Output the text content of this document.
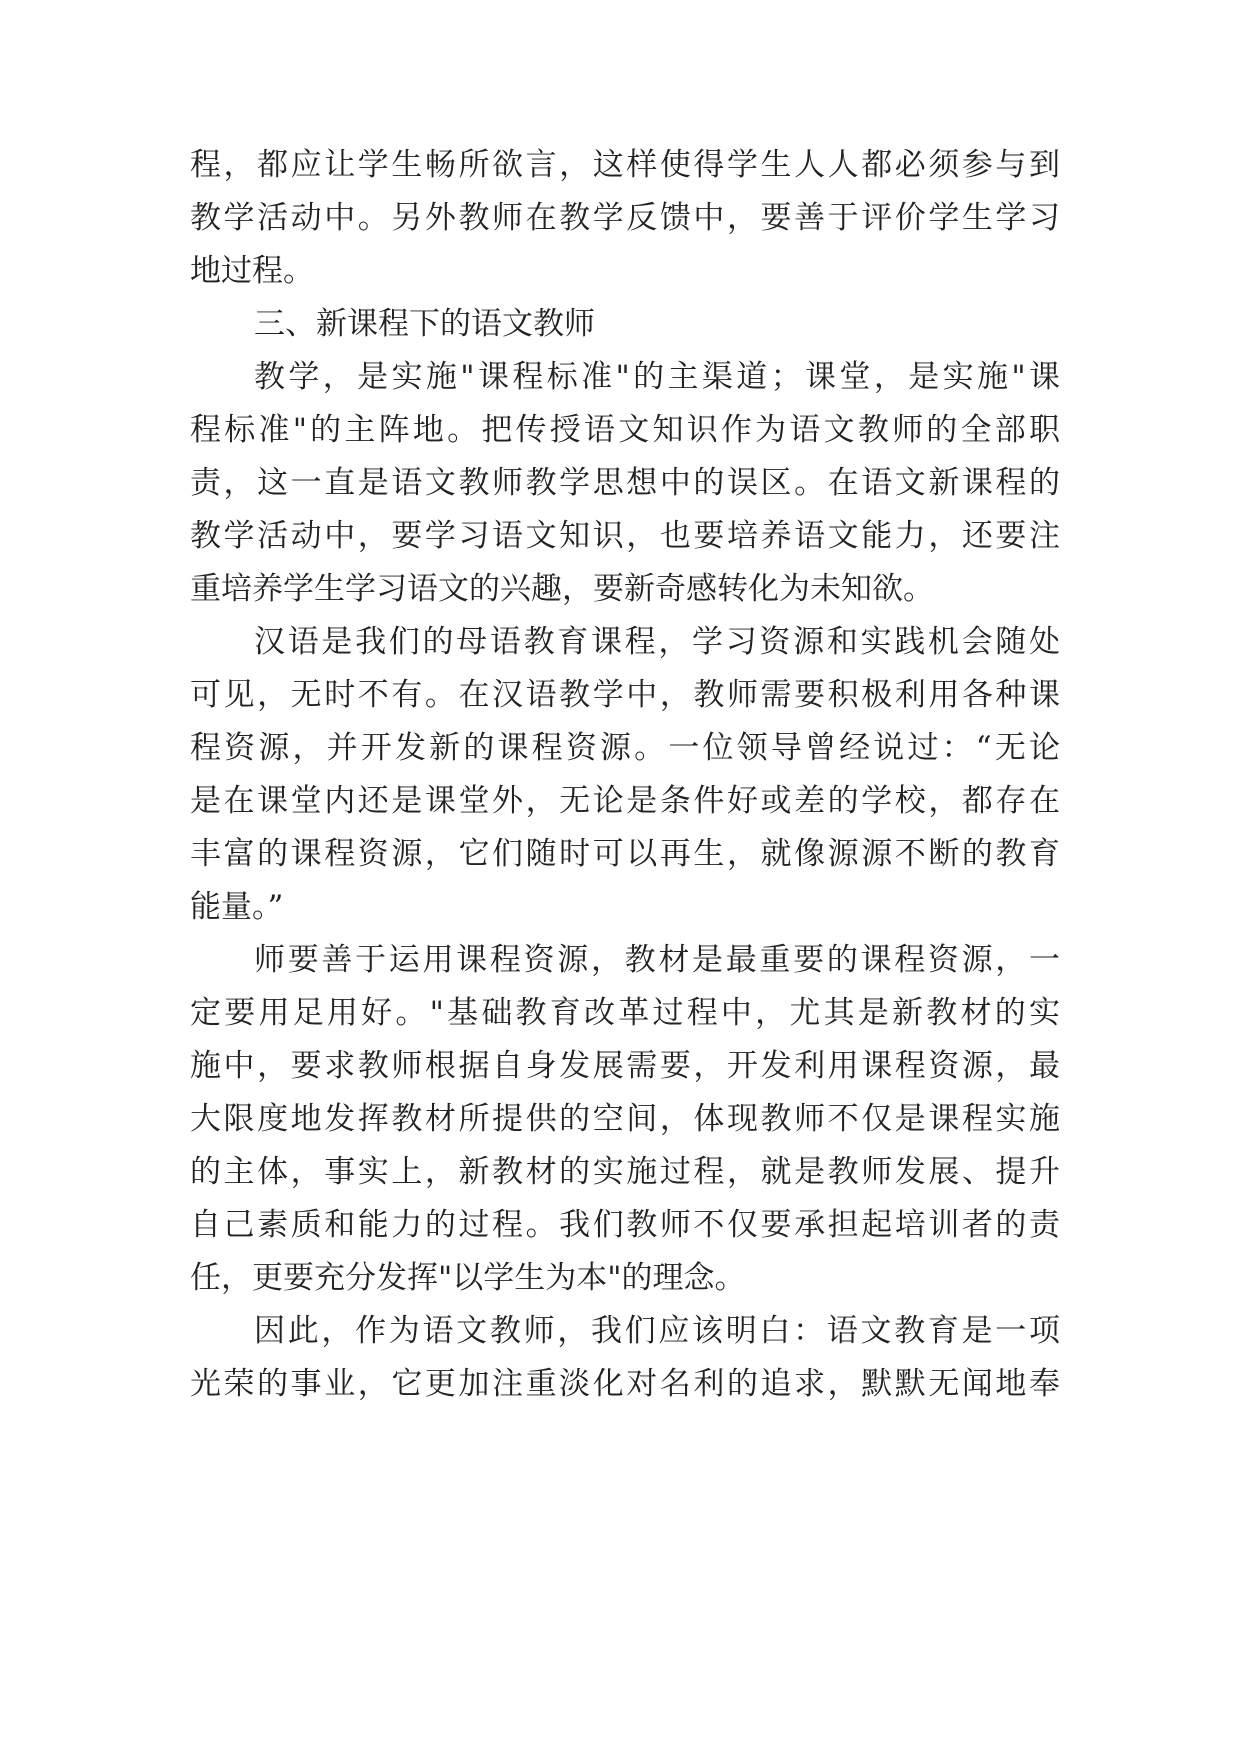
程，都应让学生畅所欲言，这样使得学生人人都必须参与到
教学活动中。另外教师在教学反馈中，要善于评价学生学习
地过程。
三、新课程下的语文教师
教学，是实施"课程标准"的主渠道；课堂，是实施"课
程标准"的主阵地。把传授语文知识作为语文教师的全部职
责，这一直是语文教师教学思想中的误区。在语文新课程的
教学活动中，要学习语文知识，也要培养语文能力，还要注
重培养学生学习语文的兴趣，要新奇感转化为未知欲。
汉语是我们的母语教育课程，学习资源和实践机会随处
可见，无时不有。在汉语教学中，教师需要积极利用各种课
程资源，并开发新的课程资源。一位领导曾经说过：“无论
是在课堂内还是课堂外，无论是条件好或差的学校，都存在
丰富的课程资源，它们随时可以再生，就像源源不断的教育
能量。”
师要善于运用课程资源，教材是最重要的课程资源，一
定要用足用好。"基础教育改革过程中，尤其是新教材的实
施中，要求教师根据自身发展需要，开发利用课程资源，最
大限度地发挥教材所提供的空间，体现教师不仅是课程实施
的主体，事实上，新教材的实施过程，就是教师发展、提升
自己素质和能力的过程。我们教师不仅要承担起培训者的责
任，更要充分发挥"以学生为本"的理念。
因此，作为语文教师，我们应该明白：语文教育是一项
光荣的事业，它更加注重淡化对名利的追求，默默无闻地奉
